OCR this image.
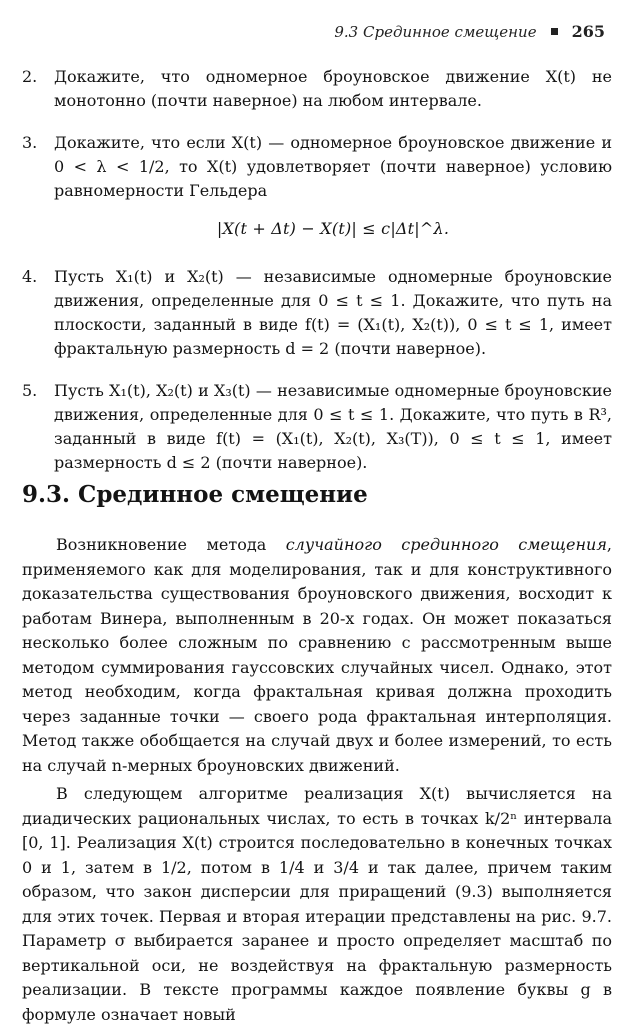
9.3 Срединное смещение 265
2.	Докажите, что одномерное броуновское движение X(t) не монотонно (почти наверное) на любом интервале.
3.	Докажите, что если X(t) — одномерное броуновское движение и 0 < λ < 1/2, то X(t) удовлетворяет (почти наверное) условию равномерности Гельдера
|X(t + Δt) − X(t)| ≤ c|Δt|^λ.
4.	Пусть X₁(t) и X₂(t) — независимые одномерные броуновские движения, определенные для 0 ≤ t ≤ 1. Докажите, что путь на плоскости, заданный в виде f(t) = (X₁(t), X₂(t)), 0 ≤ t ≤ 1, имеет фрактальную размерность d = 2 (почти наверное).
5.	Пусть X₁(t), X₂(t) и X₃(t) — независимые одномерные броуновские движения, определенные для 0 ≤ t ≤ 1. Докажите, что путь в R³, заданный в виде f(t) = (X₁(t), X₂(t), X₃(T)), 0 ≤ t ≤ 1, имеет размерность d ≤ 2 (почти наверное).
9.3. Срединное смещение

Возникновение метода случайного срединного смещения, применяемого как для моделирования, так и для конструктивного доказательства существования броуновского движения, восходит к работам Винера, выполненным в 20-х годах. Он может показаться несколько более сложным по сравнению с рассмотренным выше методом суммирования гауссовских случайных чисел. Однако, этот метод необходим, когда фрактальная кривая должна проходить через заданные точки — своего рода фрактальная интерполяция. Метод также обобщается на случай двух и более измерений, то есть на случай n-мерных броуновских движений.

В следующем алгоритме реализация X(t) вычисляется на диадических рациональных числах, то есть в точках k/2ⁿ интервала [0, 1]. Реализация X(t) строится последовательно в конечных точках 0 и 1, затем в 1/2, потом в 1/4 и 3/4 и так далее, причем таким образом, что закон дисперсии для приращений (9.3) выполняется для этих точек. Первая и вторая итерации представлены на рис. 9.7. Параметр σ выбирается заранее и просто определяет масштаб по вертикальной оси, не воздействуя на фрактальную размерность реализации. В тексте программы каждое появление буквы g в формуле означает новый
